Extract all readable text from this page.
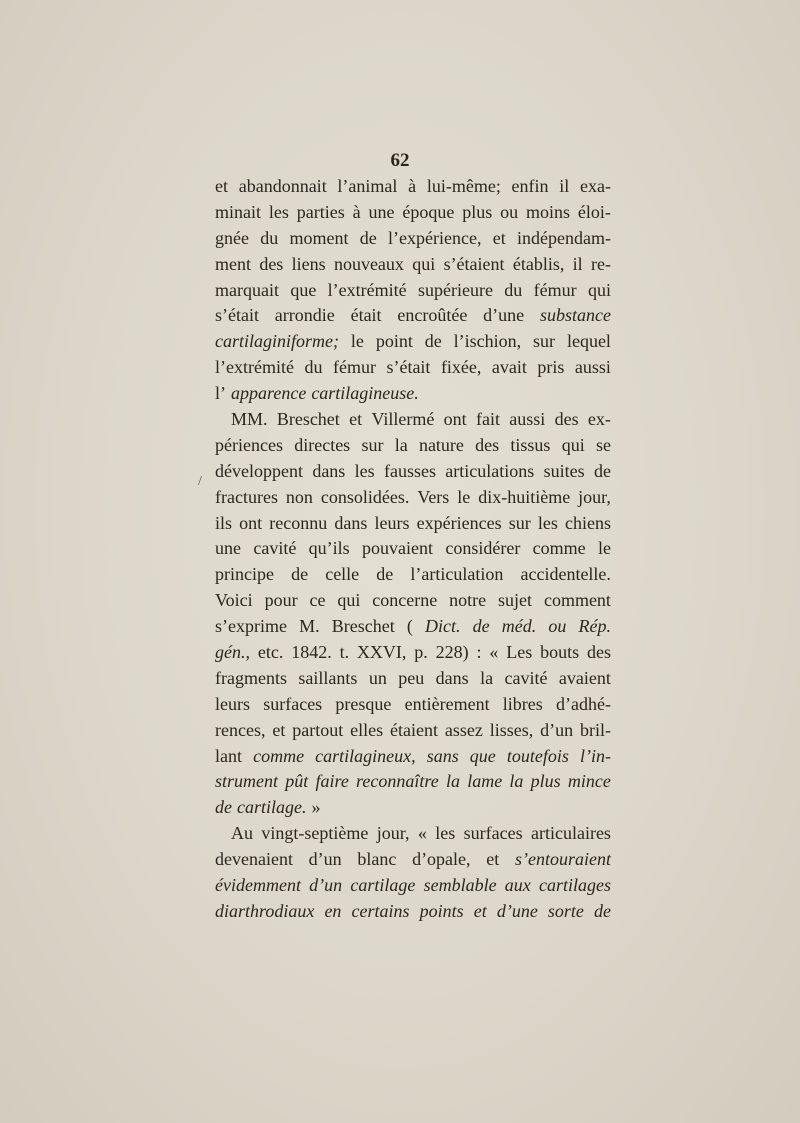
62
/
et abandonnait l’animal à lui-même; enfin il exa-
minait les parties à une époque plus ou moins éloi-
gnée du moment de l’expérience, et indépendam-
ment des liens nouveaux qui s’étaient établis, il re-
marquait que l’extrémité supérieure du fémur qui
s’était arrondie était encroûtée d’une substance
cartilaginiforme; le point de l’ischion, sur lequel
l’extrémité du fémur s’était fixée, avait pris aussi
l’ apparence cartilagineuse.
MM. Breschet et Villermé ont fait aussi des ex-
périences directes sur la nature des tissus qui se
développent dans les fausses articulations suites de
fractures non consolidées. Vers le dix-huitième jour,
ils ont reconnu dans leurs expériences sur les chiens
une cavité qu’ils pouvaient considérer comme le
principe de celle de l’articulation accidentelle.
Voici pour ce qui concerne notre sujet comment
s’exprime M. Breschet ( Dict. de méd. ou Rép.
gén., etc. 1842. t. XXVI, p. 228) : « Les bouts des
fragments saillants un peu dans la cavité avaient
leurs surfaces presque entièrement libres d’adhé-
rences, et partout elles étaient assez lisses, d’un bril-
lant comme cartilagineux, sans que toutefois l’in-
strument pût faire reconnaître la lame la plus mince
de cartilage. »
Au vingt-septième jour, « les surfaces articulaires
devenaient d’un blanc d’opale, et s’entouraient
évidemment d’un cartilage semblable aux cartilages
diarthrodiaux en certains points et d’une sorte de
